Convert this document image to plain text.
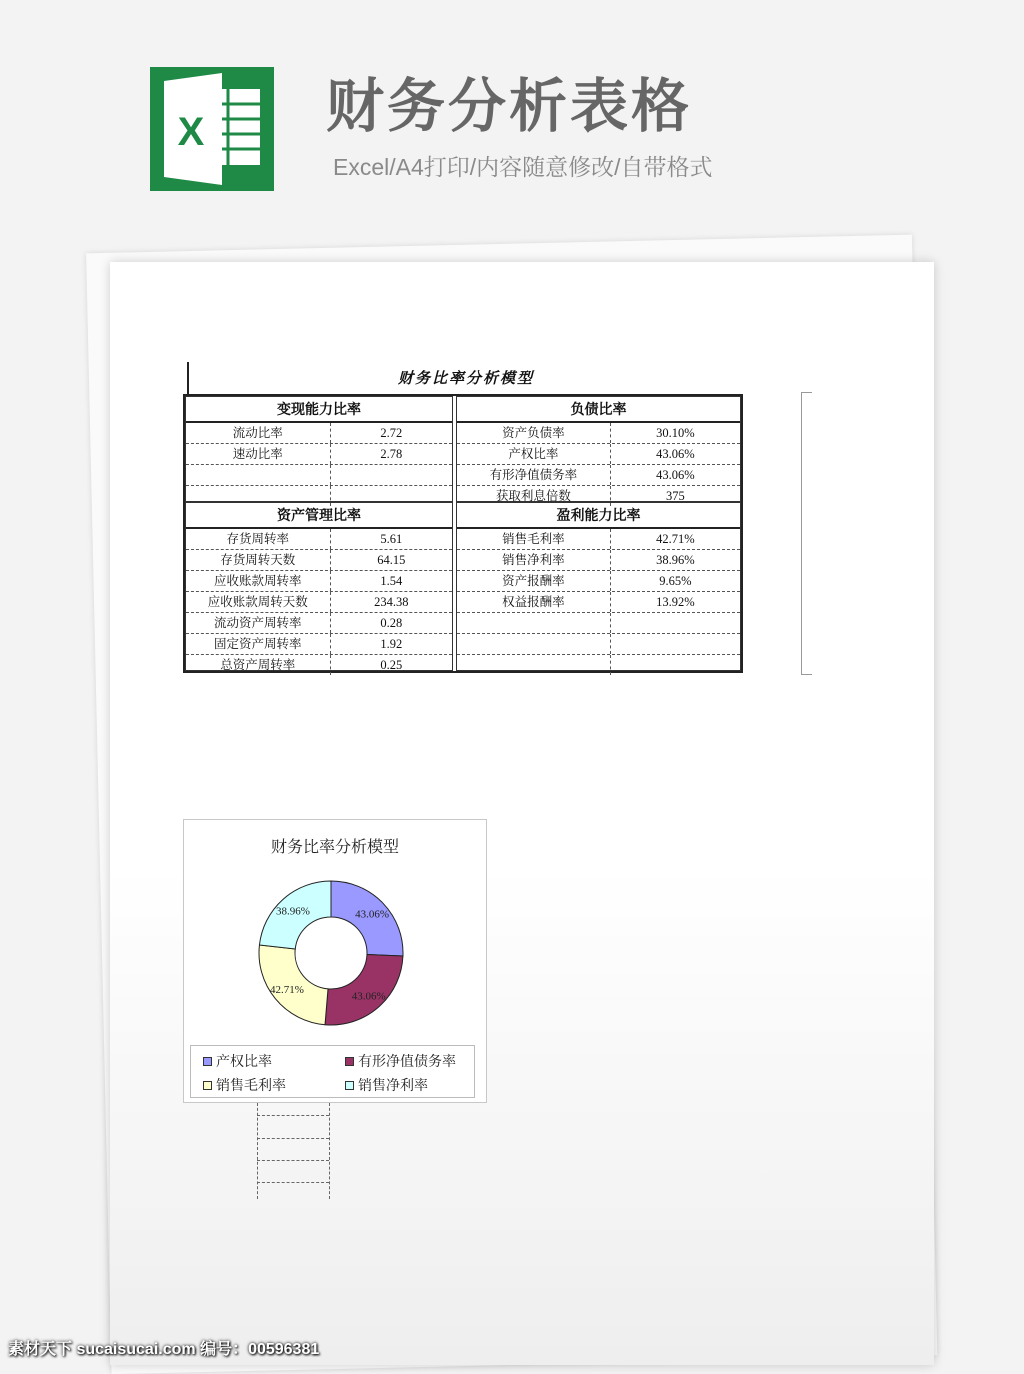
X 财务分析表格
Excel/A4打印/内容随意修改/自带格式
财务比率分析模型
变现能力比率
流动比率	2.72
速动比率	2.78
负债比率
资产负债率	30.10%
产权比率	43.06%
有形净值债务率	43.06%
获取利息倍数	375
资产管理比率
存货周转率	5.61
存货周转天数	64.15
应收账款周转率	1.54
应收账款周转天数	234.38
流动资产周转率	0.28
固定资产周转率	1.92
总资产周转率	0.25
盈利能力比率
销售毛利率	42.71%
销售净利率	38.96%
资产报酬率	9.65%
权益报酬率	13.92%
财务比率分析模型
43.06%
43.06%
42.71%
38.96%
产权比率	有形净值债务率
销售毛利率	销售净利率
素材天下 sucaisucai.com 编号：00596381
